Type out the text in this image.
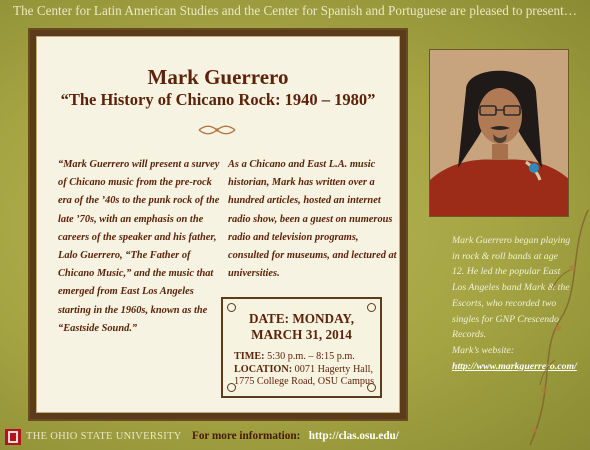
The Center for Latin American Studies and the Center for Spanish and Portuguese are pleased to present…
Mark Guerrero
“The History of Chicano Rock: 1940 – 1980”
“Mark Guerrero will present a survey of Chicano music from the pre-rock era of the ’40s to the punk rock of the late ’70s, with an emphasis on the careers of the speaker and his father, Lalo Guerrero, “The Father of Chicano Music,” and the music that emerged from East Los Angeles starting in the 1960s, known as the “Eastside Sound.”
As a Chicano and East L.A. music historian, Mark has written over a hundred articles, hosted an internet radio show, been a guest on numerous radio and television programs, consulted for museums, and lectured at universities.
DATE: MONDAY,
MARCH 31, 2014
TIME: 5:30 p.m. – 8:15 p.m.
LOCATION: 0071 Hagerty Hall,
1775 College Road, OSU Campus
Mark Guerrero began playing in rock & roll bands at age 12. He led the popular East Los Angeles band Mark & the Escorts, who recorded two singles for GNP Crescendo Records.
Mark’s website:
http://www.markguerrero.com/
THE OHIO STATE UNIVERSITY For more information: http://clas.osu.edu/
